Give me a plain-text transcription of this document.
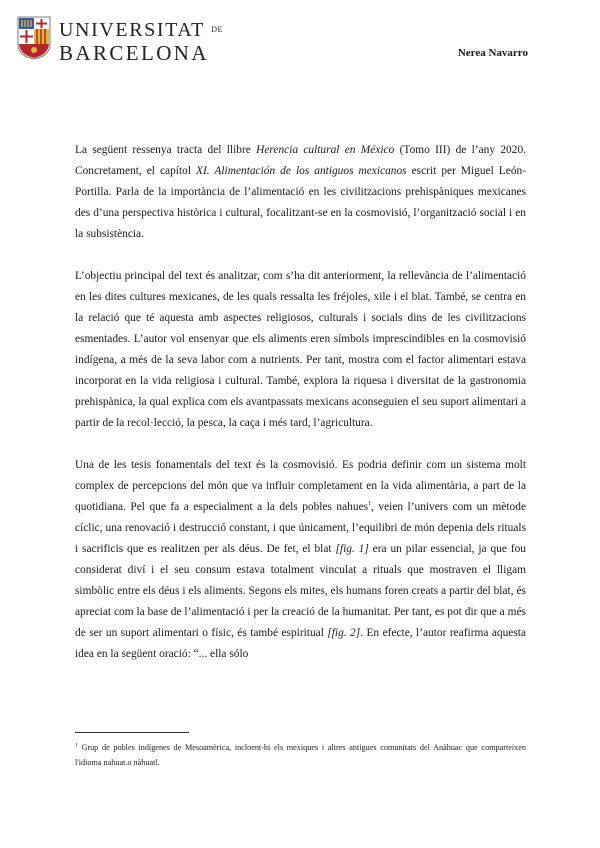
UNIVERSITAT $^{DE}$
BARCELONA	Nerea Navarro

La següent ressenya tracta del llibre Herencia cultural en México (Tomo III) de l’any 2020. Concretament, el capítol XI. Alimentación de los antiguos mexicanos escrit per Miguel León-Portilla. Parla de la importància de l’alimentació en les civilitzacions prehispàniques mexicanes des d’una perspectiva històrica i cultural, focalitzant-se en la cosmovisió, l’organització social i en la subsistència.

L’objectiu principal del text és analitzar, com s’ha dit anteriorment, la rellevància de l’alimentació en les dites cultures mexicanes, de les quals ressalta les fréjoles, xile i el blat. També, se centra en la relació que té aquesta amb aspectes religiosos, culturals i socials dins de les civilitzacions esmentades. L’autor vol ensenyar que els aliments eren símbols imprescindibles en la cosmovisió indígena, a més de la seva labor com a nutrients. Per tant, mostra com el factor alimentari estava incorporat en la vida religiosa i cultural. També, explora la riquesa i diversitat de la gastronomia prehispànica, la qual explica com els avantpassats mexicans aconseguien el seu suport alimentari a partir de la recol·lecció, la pesca, la caça i més tard, l’agricultura.

Una de les tesis fonamentals del text és la cosmovisió. Es podria definir com un sistema molt complex de percepcions del món que va influir completament en la vida alimentària, a part de la quotidiana. Pel que fa a especialment a la dels pobles nahues$^1$, veien l’univers com un mètode cíclic, una renovació i destrucció constant, i que únicament, l’equilibri de món depenia dels rituals i sacrificis que es realitzen per als déus. De fet, el blat [fig. 1] era un pilar essencial, ja que fou considerat diví i el seu consum estava totalment vinculat a rituals que mostraven el lligam simbòlic entre els déus i els aliments. Segons els mites, els humans foren creats a partir del blat, és apreciat com la base de l’alimentació i per la creació de la humanitat. Per tant, es pot dir que a més de ser un suport alimentari o físic, és també espiritual [fig. 2]. En efecte, l’autor reafirma aquesta idea en la següent oració: “... ella sólo

$^1$ Grup de pobles indígenes de Mesoamèrica, incloent-hi els mexiques i altres antigues comunitats del Anàhuac que comparteixen l'idioma nahuat.o nàhuatl.
